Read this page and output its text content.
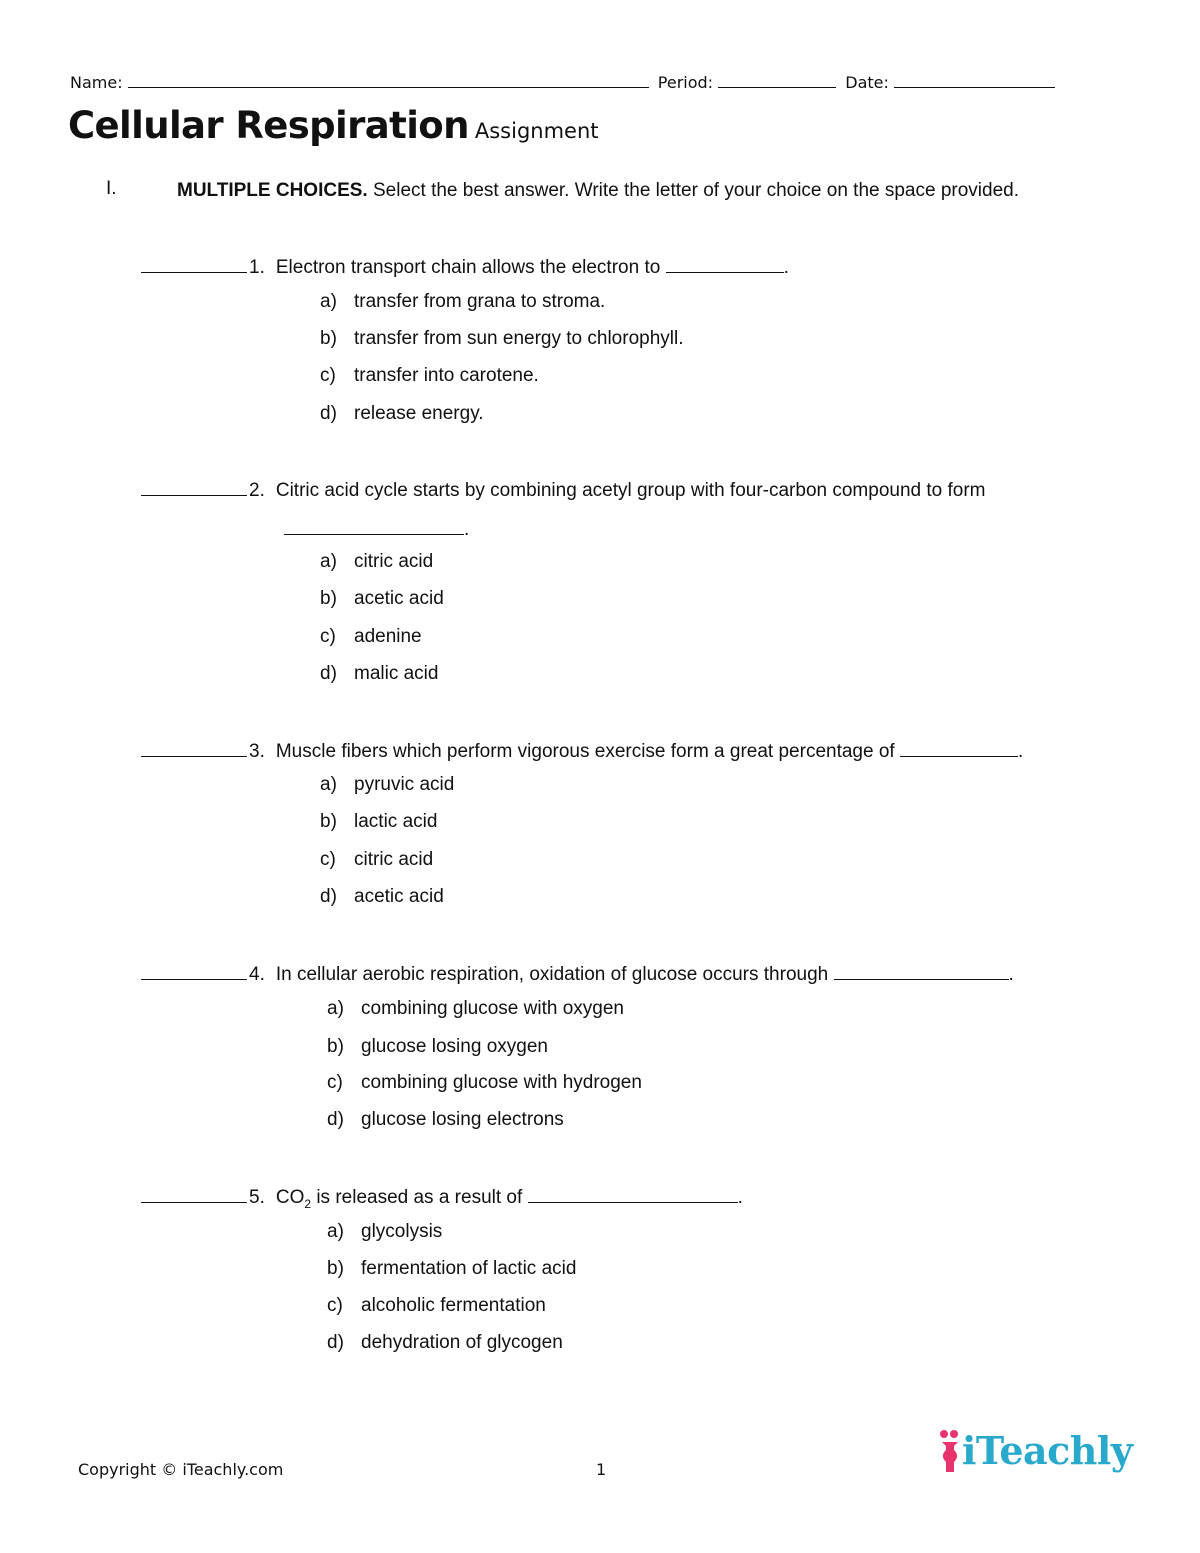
Name:	Period:	Date:
Cellular Respiration Assignment
I.	MULTIPLE CHOICES. Select the best answer. Write the letter of your choice on the space provided.
1. Electron transport chain allows the electron to	.
a) transfer from grana to stroma.
b) transfer from sun energy to chlorophyll.
c) transfer into carotene.
d) release energy.
2. Citric acid cycle starts by combining acetyl group with four-carbon compound to form
.
a) citric acid
b) acetic acid
c) adenine
d) malic acid
3. Muscle fibers which perform vigorous exercise form a great percentage of	.
a) pyruvic acid
b) lactic acid
c) citric acid
d) acetic acid
4. In cellular aerobic respiration, oxidation of glucose occurs through	.
a) combining glucose with oxygen
b) glucose losing oxygen
c) combining glucose with hydrogen
d) glucose losing electrons
5. $CO_2$ is released as a result of	.
a) glycolysis
b) fermentation of lactic acid
c) alcoholic fermentation
d) dehydration of glycogen
Copyright © iTeachly.com	1	iTeachly
